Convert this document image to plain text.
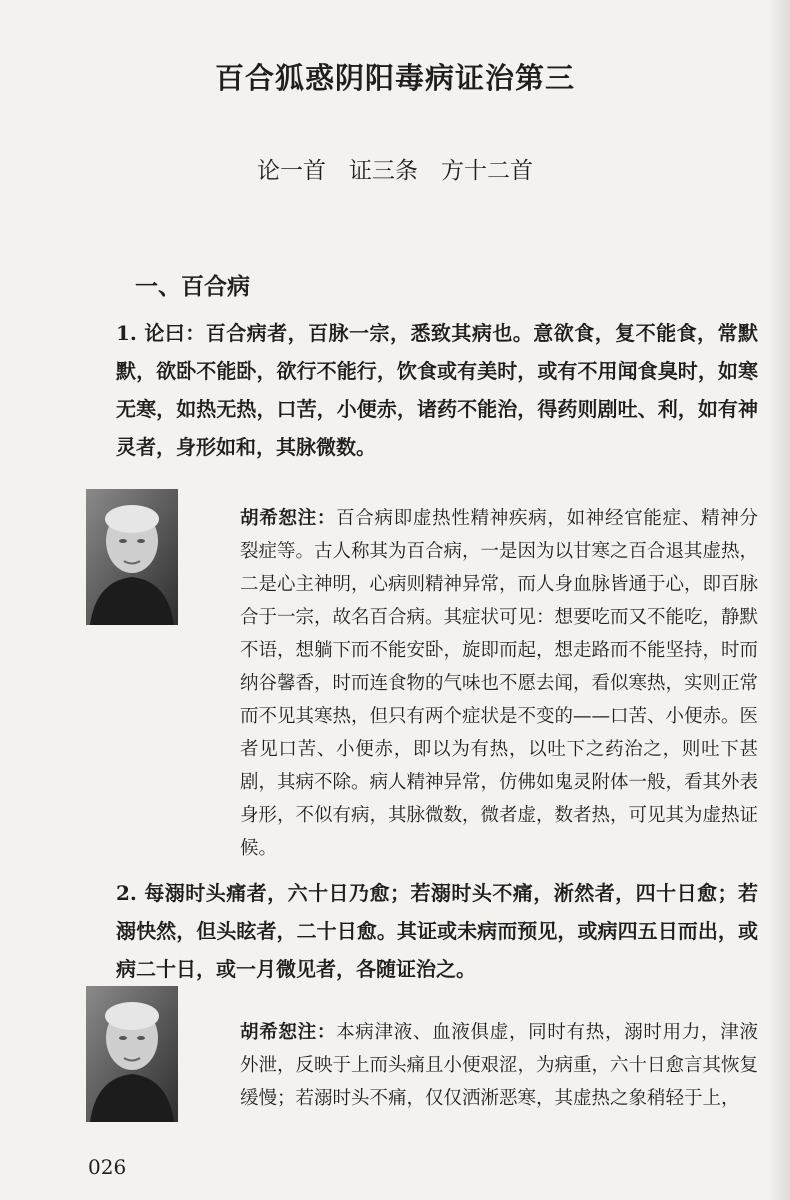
百合狐惑阴阳毒病证治第三
论一首　证三条　方十二首
一、百合病
1. 论曰：百合病者，百脉一宗，悉致其病也。意欲食，复不能食，常默默，欲卧不能卧，欲行不能行，饮食或有美时，或有不用闻食臭时，如寒无寒，如热无热，口苦，小便赤，诸药不能治，得药则剧吐、利，如有神灵者，身形如和，其脉微数。
胡希恕注：百合病即虚热性精神疾病，如神经官能症、精神分裂症等。古人称其为百合病，一是因为以甘寒之百合退其虚热，二是心主神明，心病则精神异常，而人身血脉皆通于心，即百脉合于一宗，故名百合病。其症状可见：想要吃而又不能吃，静默不语，想躺下而不能安卧，旋即而起，想走路而不能坚持，时而纳谷馨香，时而连食物的气味也不愿去闻，看似寒热，实则正常而不见其寒热，但只有两个症状是不变的——口苦、小便赤。医者见口苦、小便赤，即以为有热，以吐下之药治之，则吐下甚剧，其病不除。病人精神异常，仿佛如鬼灵附体一般，看其外表身形，不似有病，其脉微数，微者虚，数者热，可见其为虚热证候。
2. 每溺时头痛者，六十日乃愈；若溺时头不痛，淅然者，四十日愈；若溺快然，但头眩者，二十日愈。其证或未病而预见，或病四五日而出，或病二十日，或一月微见者，各随证治之。
胡希恕注：本病津液、血液俱虚，同时有热，溺时用力，津液外泄，反映于上而头痛且小便艰涩，为病重，六十日愈言其恢复缓慢；若溺时头不痛，仅仅洒淅恶寒，其虚热之象稍轻于上，
026
